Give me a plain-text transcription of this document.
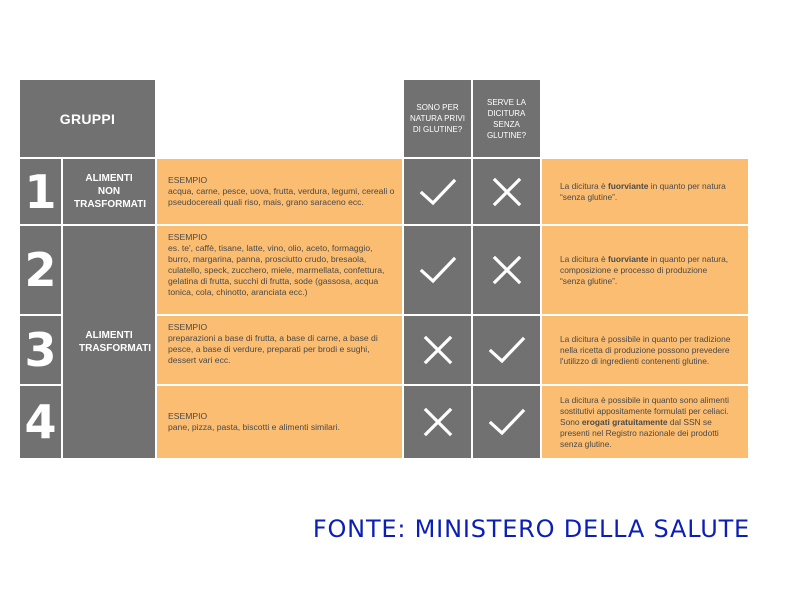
GRUPPI
SONO PER NATURA PRIVI DI GLUTINE?
SERVE LA DICITURA SENZA GLUTINE?
1
2
3
4
ALIMENTI NON TRASFORMATI
ALIMENTI TRASFORMATI
ESEMPIO
acqua, carne, pesce, uova, frutta, verdura, legumi, cereali o pseudocereali quali riso, mais, grano saraceno ecc.
ESEMPIO
es. te', caffè, tisane, latte, vino, olio, aceto, formaggio, burro, margarina, panna, prosciutto crudo, bresaola, culatello, speck, zucchero, miele, marmellata, confettura, gelatina di frutta, succhi di frutta, sode (gassosa, acqua tonica, cola, chinotto, aranciata ecc.)
ESEMPIO
preparazioni a base di frutta, a base di carne, a base di pesce, a base di verdure, preparati per brodi e sughi, dessert vari ecc.
ESEMPIO
pane, pizza, pasta, biscotti e alimenti similari.
La dicitura è fuorviante in quanto per natura “senza glutine”.
La dicitura è fuorviante in quanto per natura, composizione e processo di produzione “senza glutine”.
La dicitura è possibile in quanto per tradizione nella ricetta di produzione possono prevedere l'utilizzo di ingredienti contenenti glutine.
La dicitura è possibile in quanto sono alimenti sostitutivi appositamente formulati per celiaci. Sono erogati gratuitamente dal SSN se presenti nel Registro nazionale dei prodotti senza glutine.
FONTE: MINISTERO DELLA SALUTE
